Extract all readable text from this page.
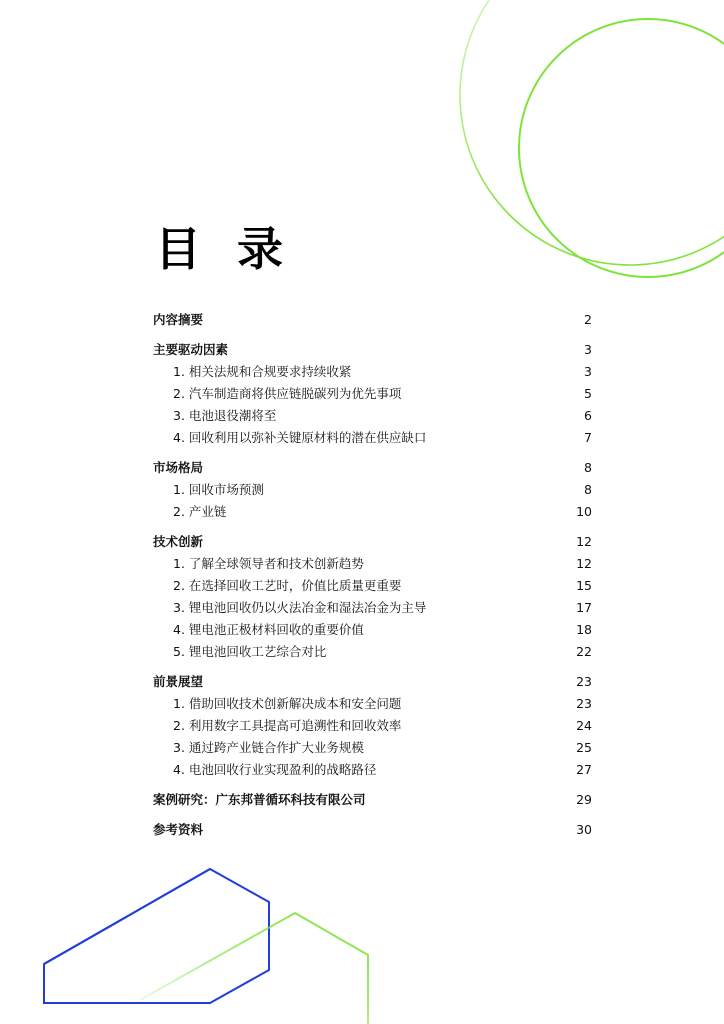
目 录
内容摘要	2
主要驱动因素	3
1. 相关法规和合规要求持续收紧	3
2. 汽车制造商将供应链脱碳列为优先事项	5
3. 电池退役潮将至	6
4. 回收利用以弥补关键原材料的潜在供应缺口	7
市场格局	8
1. 回收市场预测	8
2. 产业链	10
技术创新	12
1. 了解全球领导者和技术创新趋势	12
2. 在选择回收工艺时，价值比质量更重要	15
3. 锂电池回收仍以火法冶金和湿法冶金为主导	17
4. 锂电池正极材料回收的重要价值	18
5. 锂电池回收工艺综合对比	22
前景展望	23
1. 借助回收技术创新解决成本和安全问题	23
2. 利用数字工具提高可追溯性和回收效率	24
3. 通过跨产业链合作扩大业务规模	25
4. 电池回收行业实现盈利的战略路径	27
案例研究：广东邦普循环科技有限公司	29
参考资料	30
